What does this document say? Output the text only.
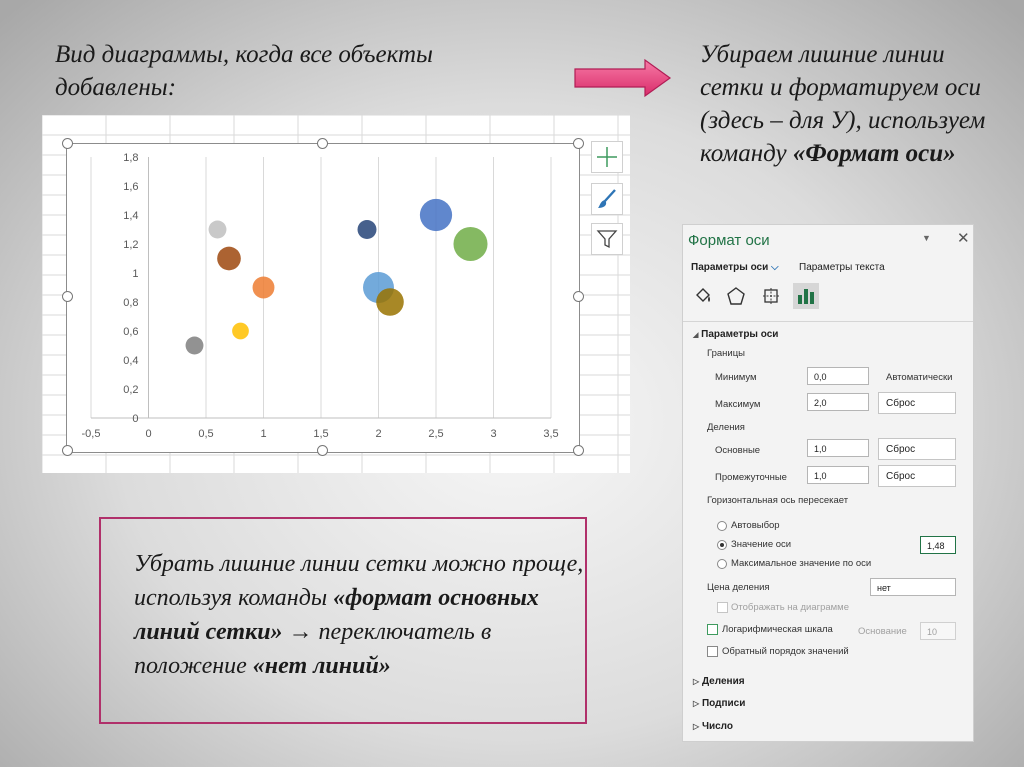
Вид диаграммы, когда все объекты добавлены:
Убираем лишние линии сетки и форматируем оси (здесь – для У), используем команду «Формат оси»
-0,5	0	0,5	1	1,5	2	2,5	3	3,5
0
0,2
0,4
0,6
0,8
1
1,2
1,4
1,6
1,8
Убрать лишние линии сетки можно проще, используя команды «формат основных линий сетки» → переключатель в положение «нет линий»
Формат оси	▼ ✕
Параметры оси ⌵ Параметры текста
◢ Параметры оси
Границы
Минимум	0,0	Автоматически
Максимум	2,0	Сброс
Деления
Основные	1,0	Сброс
Промежуточные	1,0	Сброс
Горизонтальная ось пересекает
Автовыбор
Значение оси	1,48
Максимальное значение по оси
Цена деления	нет
Отображать на диаграмме
Логарифмическая шкала	Основание	10
Обратный порядок значений
▷ Деления
▷ Подписи
▷ Число
